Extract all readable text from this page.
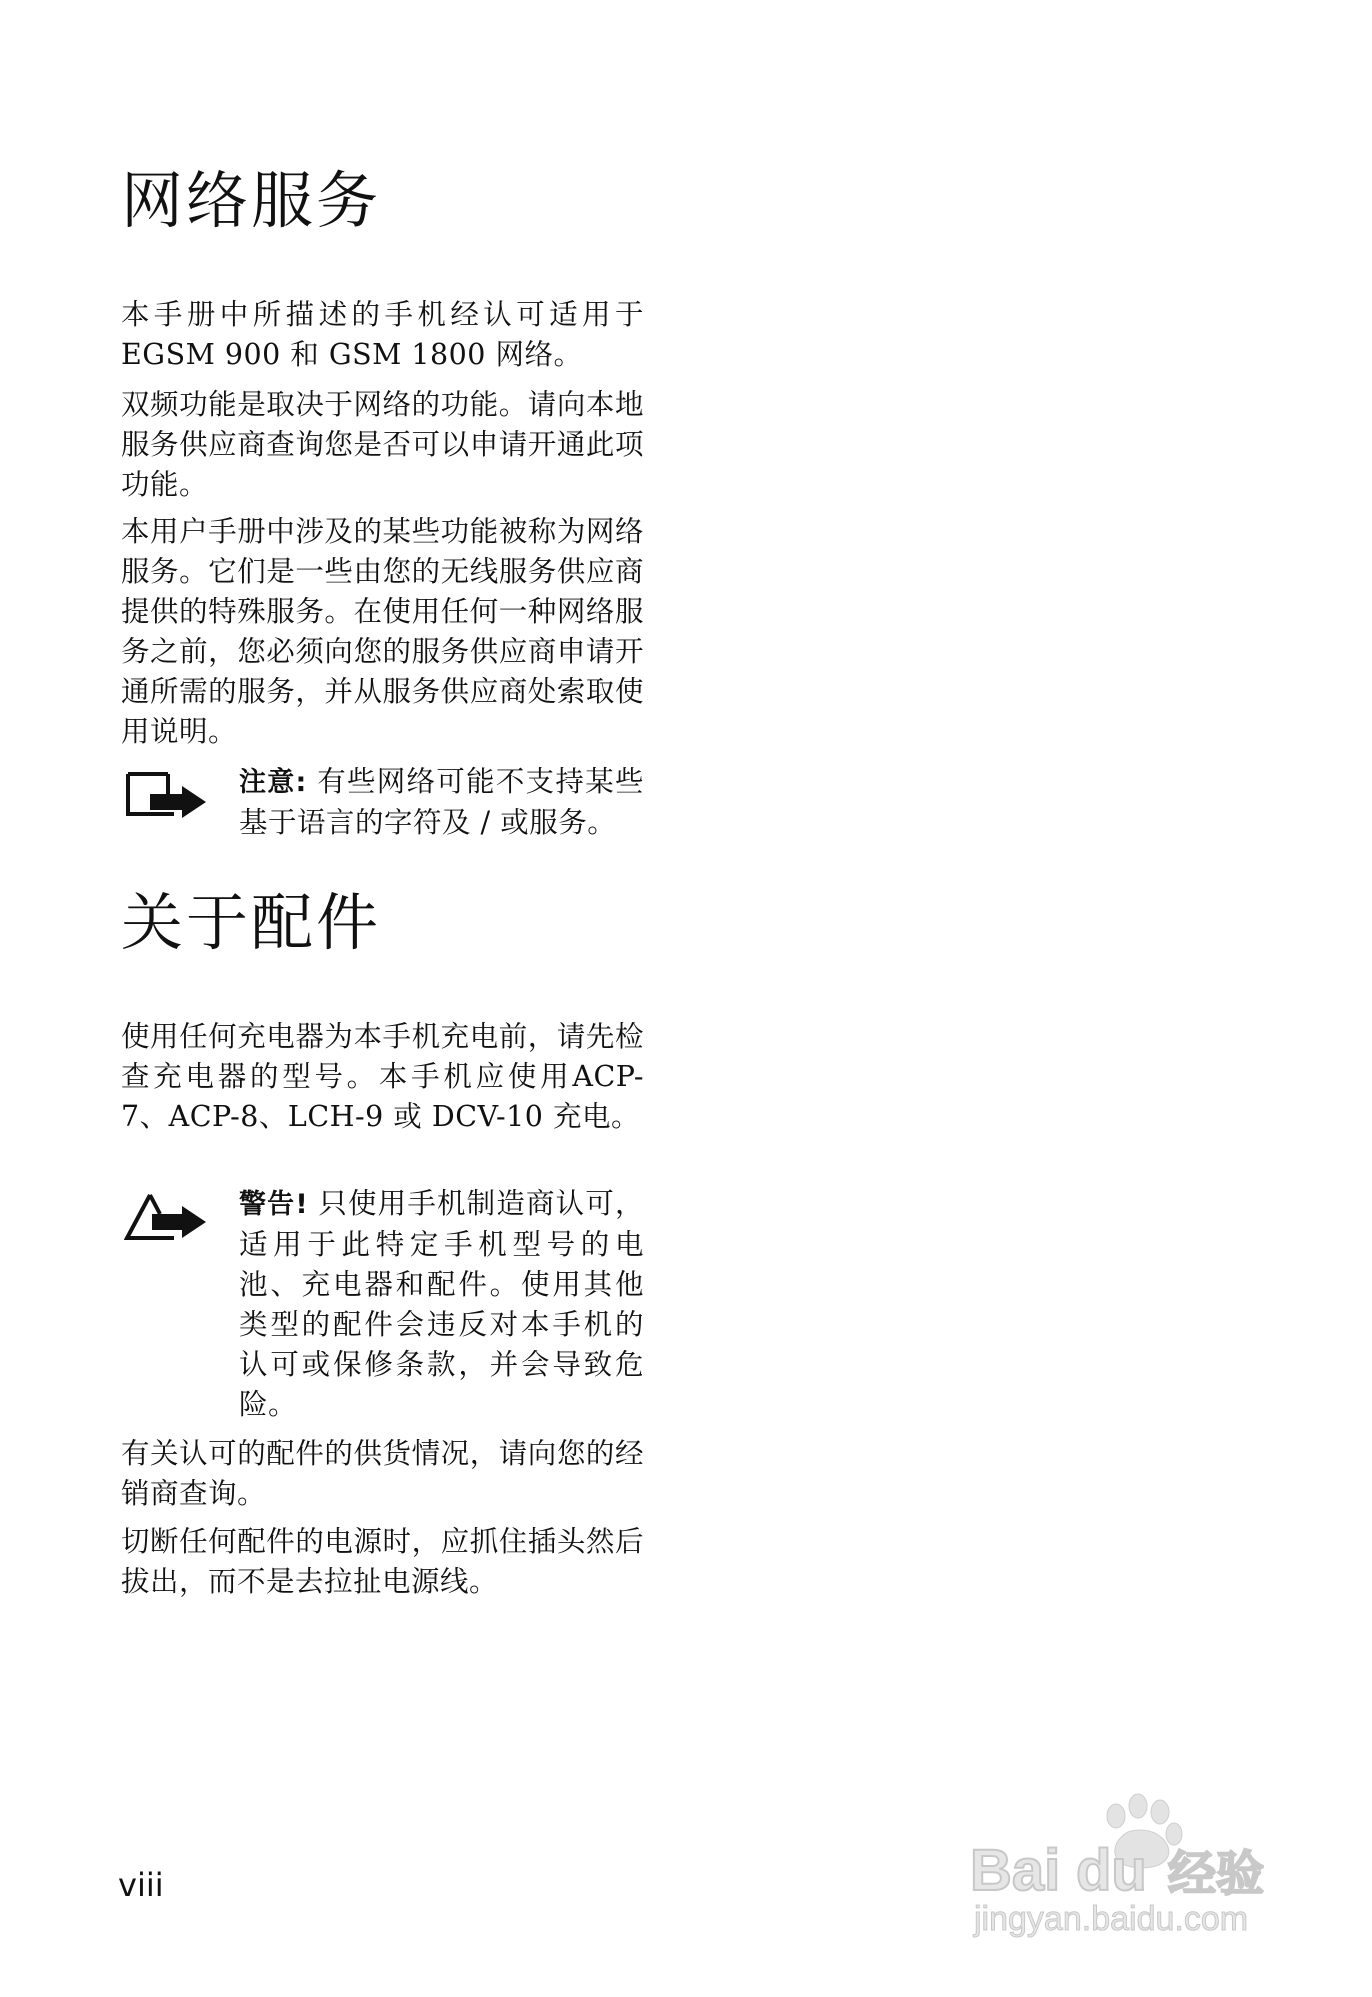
网络服务

本手册中所描述的手机经认可适用于EGSM 900 和 GSM 1800 网络。

双频功能是取决于网络的功能。请向本地服务供应商查询您是否可以申请开通此项功能。

本用户手册中涉及的某些功能被称为网络服务。它们是一些由您的无线服务供应商提供的特殊服务。在使用任何一种网络服务之前，您必须向您的服务供应商申请开通所需的服务，并从服务供应商处索取使用说明。

注意: 有些网络可能不支持某些基于语言的字符及 / 或服务。
关于配件

使用任何充电器为本手机充电前，请先检查充电器的型号。本手机应使用ACP-7、ACP-8、LCH-9 或 DCV-10 充电。

警告! 只使用手机制造商认可，适用于此特定手机型号的电池、充电器和配件。使用其他类型的配件会违反对本手机的认可或保修条款，并会导致危险。

有关认可的配件的供货情况，请向您的经销商查询。

切断任何配件的电源时，应抓住插头然后拔出，而不是去拉扯电源线。

viii	Bai du 经验
jingyan.baidu.com
